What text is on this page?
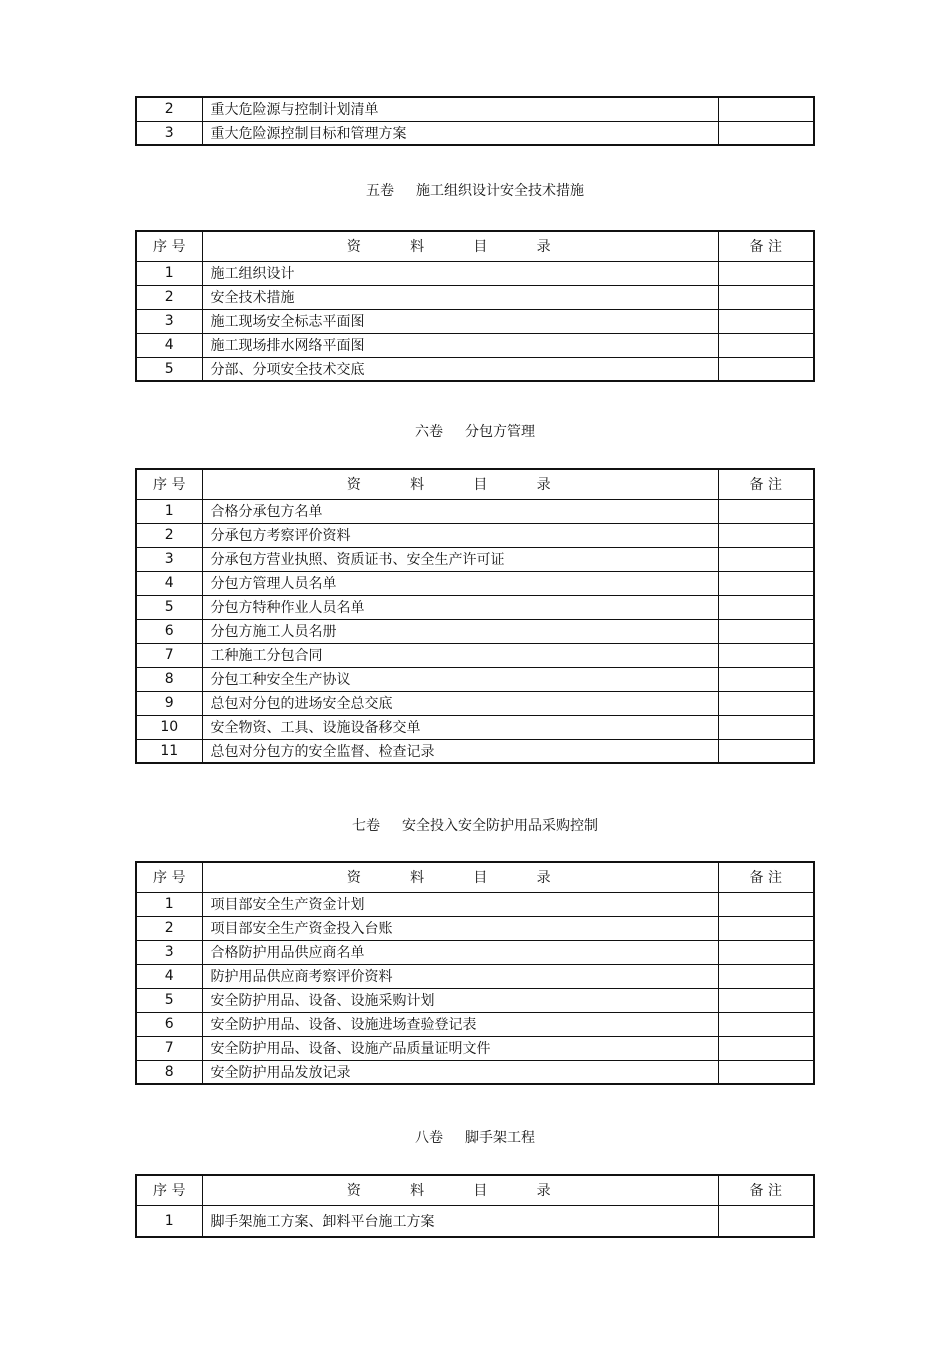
2	重大危险源与控制计划清单	
3	重大危险源控制目标和管理方案	
五卷 施工组织设计安全技术措施
序 号	资 料 目 录	备 注
1	施工组织设计	
2	安全技术措施	
3	施工现场安全标志平面图	
4	施工现场排水网络平面图	
5	分部、分项安全技术交底	
六卷 分包方管理
序 号	资 料 目 录	备 注
1	合格分承包方名单	
2	分承包方考察评价资料	
3	分承包方营业执照、资质证书、安全生产许可证	
4	分包方管理人员名单	
5	分包方特种作业人员名单	
6	分包方施工人员名册	
7	工种施工分包合同	
8	分包工种安全生产协议	
9	总包对分包的进场安全总交底	
10	安全物资、工具、设施设备移交单	
11	总包对分包方的安全监督、检查记录	
七卷 安全投入安全防护用品采购控制
序 号	资 料 目 录	备 注
1	项目部安全生产资金计划	
2	项目部安全生产资金投入台账	
3	合格防护用品供应商名单	
4	防护用品供应商考察评价资料	
5	安全防护用品、设备、设施采购计划	
6	安全防护用品、设备、设施进场查验登记表	
7	安全防护用品、设备、设施产品质量证明文件	
8	安全防护用品发放记录	
八卷 脚手架工程
序 号	资 料 目 录	备 注
1	脚手架施工方案、卸料平台施工方案	
